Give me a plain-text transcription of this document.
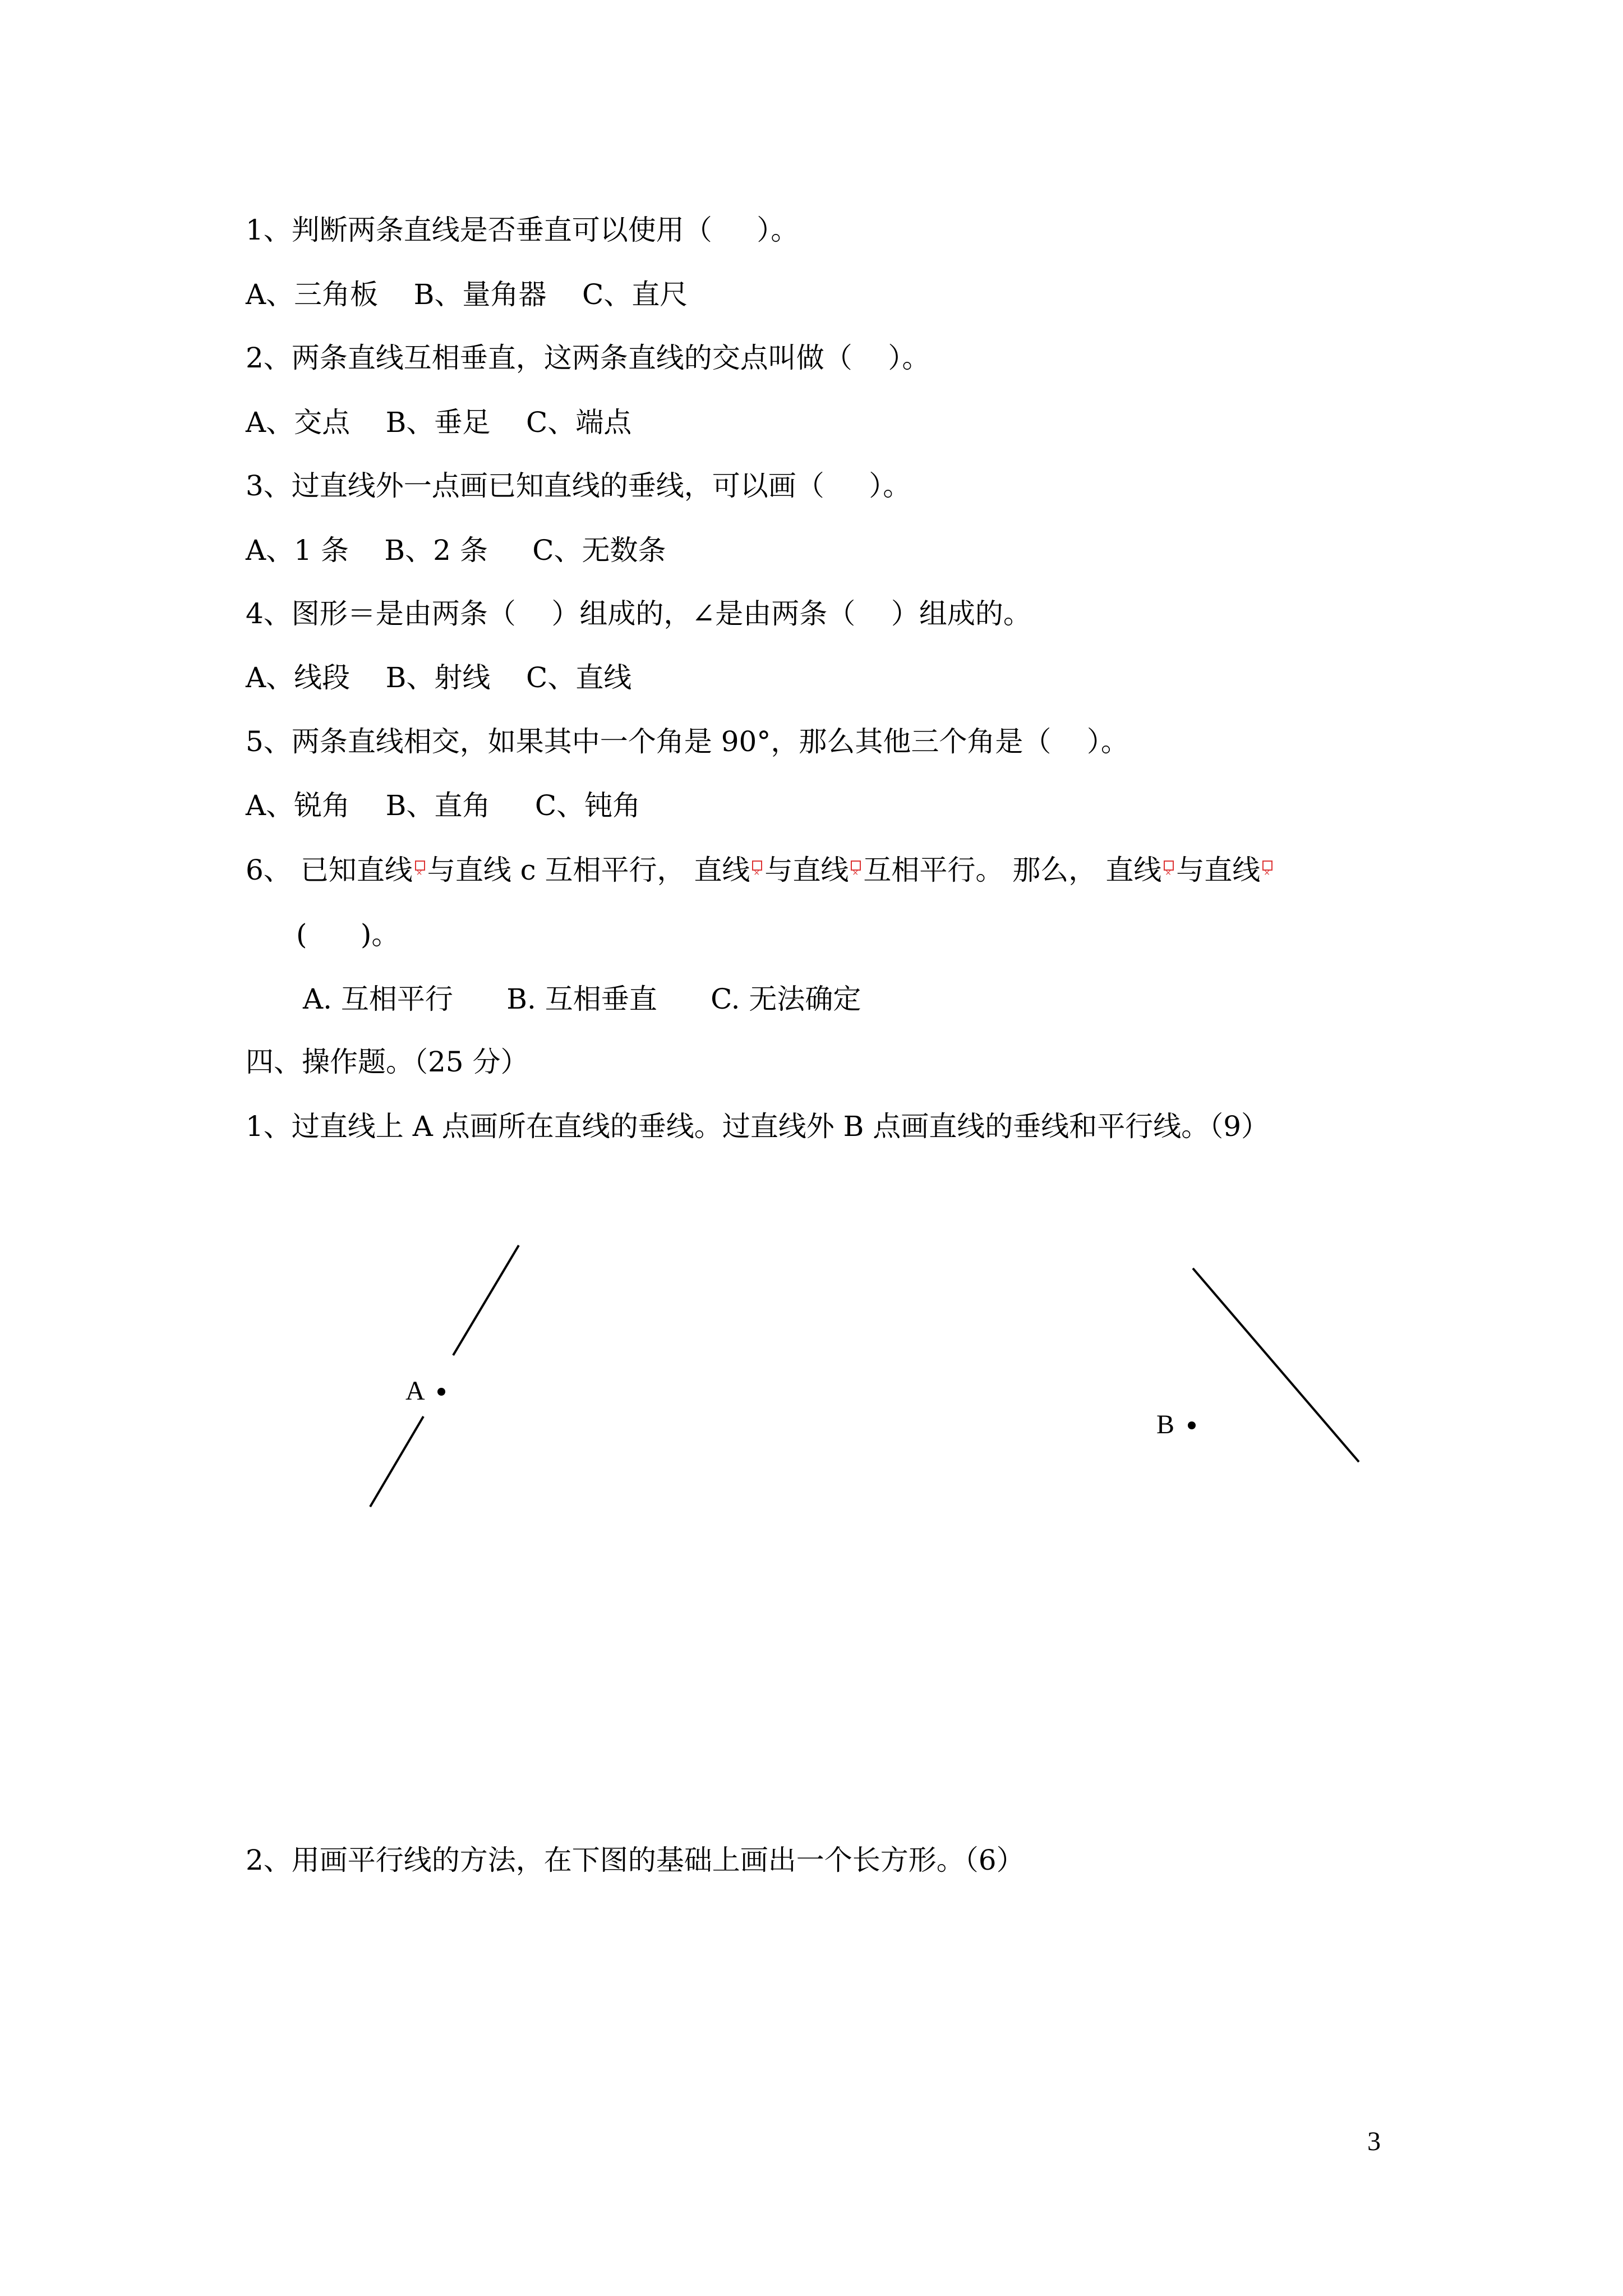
1、判断两条直线是否垂直可以使用（     ）。
A、三角板    B、量角器    C、直尺
2、两条直线互相垂直，这两条直线的交点叫做（    ）。
A、交点    B、垂足    C、端点
3、过直线外一点画已知直线的垂线，可以画（     ）。
A、1 条    B、2 条     C、无数条
4、图形＝是由两条（    ）组成的，∠是由两条（    ）组成的。
A、线段    B、射线    C、直线
5、两条直线相交，如果其中一个角是 90°，那么其他三个角是（    ）。
A、锐角    B、直角     C、钝角
6、 已知直线 × 与直线 c 互相平行， 直线 × 与直线 × 互相平行。 那么， 直线 × 与直线 ×
(      )。
A. 互相平行      B. 互相垂直      C. 无法确定
四、操作题。（25 分）
1、过直线上 A 点画所在直线的垂线。过直线外 B 点画直线的垂线和平行线。（9）
A
B
2、用画平行线的方法，在下图的基础上画出一个长方形。（6）
3
